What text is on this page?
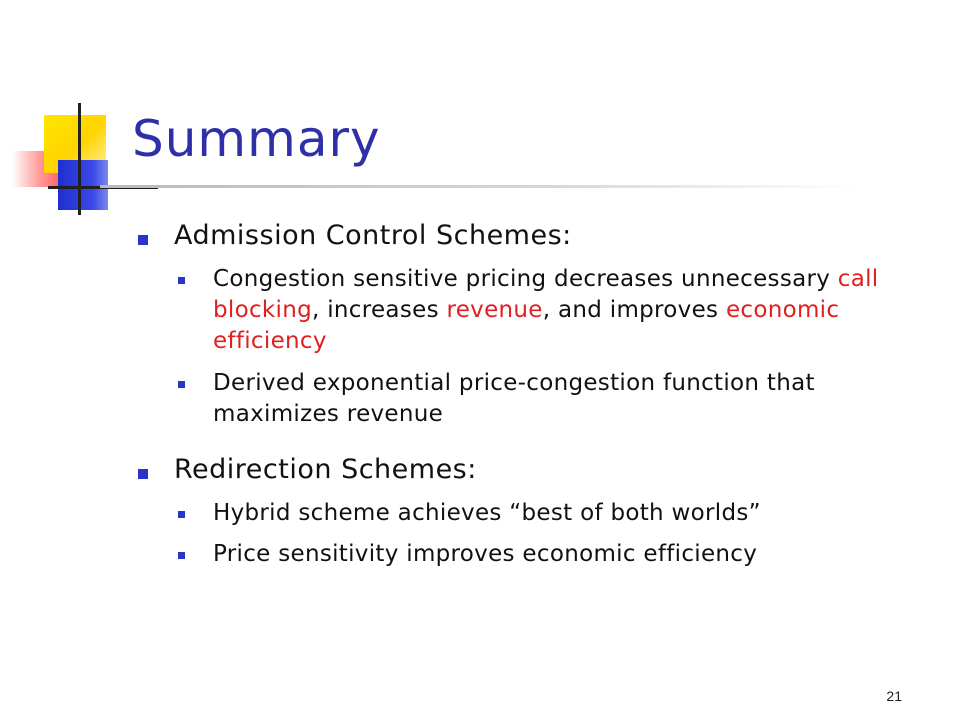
Summary
Admission Control Schemes:
Congestion sensitive pricing decreases unnecessary call blocking, increases revenue, and improves economic efficiency
Derived exponential price-congestion function that maximizes revenue
Redirection Schemes:
Hybrid scheme achieves “best of both worlds”
Price sensitivity improves economic efficiency
21
